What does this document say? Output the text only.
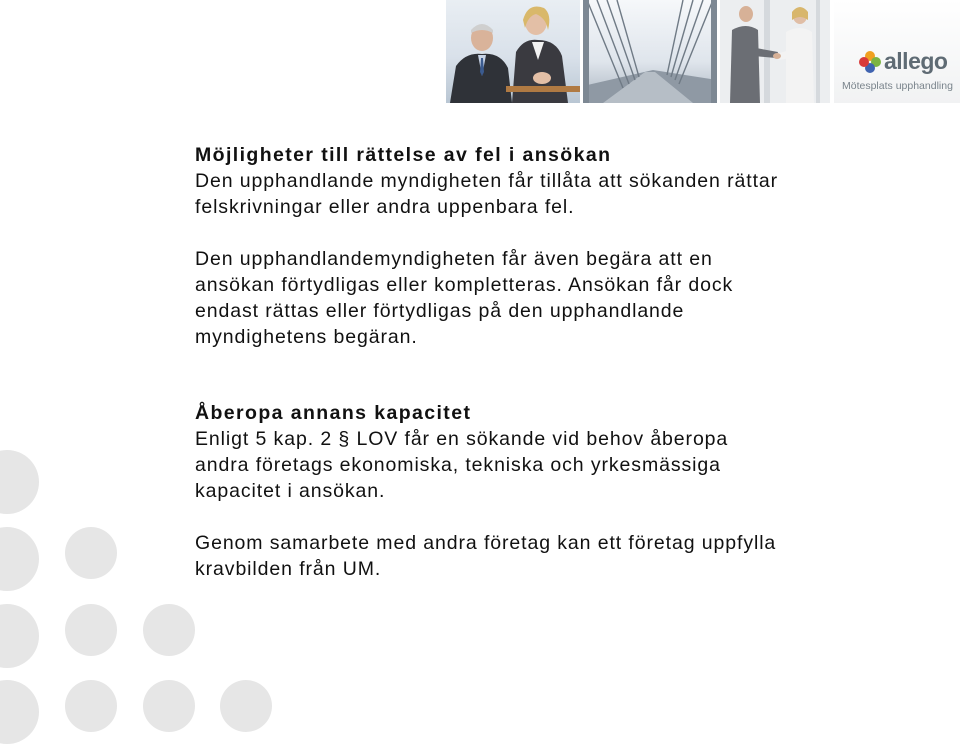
allego
Mötesplats upphandling
Möjligheter till rättelse av fel i ansökan

Den upphandlande myndigheten får tillåta att sökanden rättar felskrivningar eller andra uppenbara fel.

Den upphandlandemyndigheten får även begära att en ansökan förtydligas eller kompletteras. Ansökan får dock endast rättas eller förtydligas på den upphandlande myndighetens begäran.

Åberopa annans kapacitet

Enligt 5 kap. 2 § LOV får en sökande vid behov åberopa andra företags ekonomiska, tekniska och yrkesmässiga kapacitet i ansökan.

Genom samarbete med andra företag kan ett företag uppfylla kravbilden från UM.
